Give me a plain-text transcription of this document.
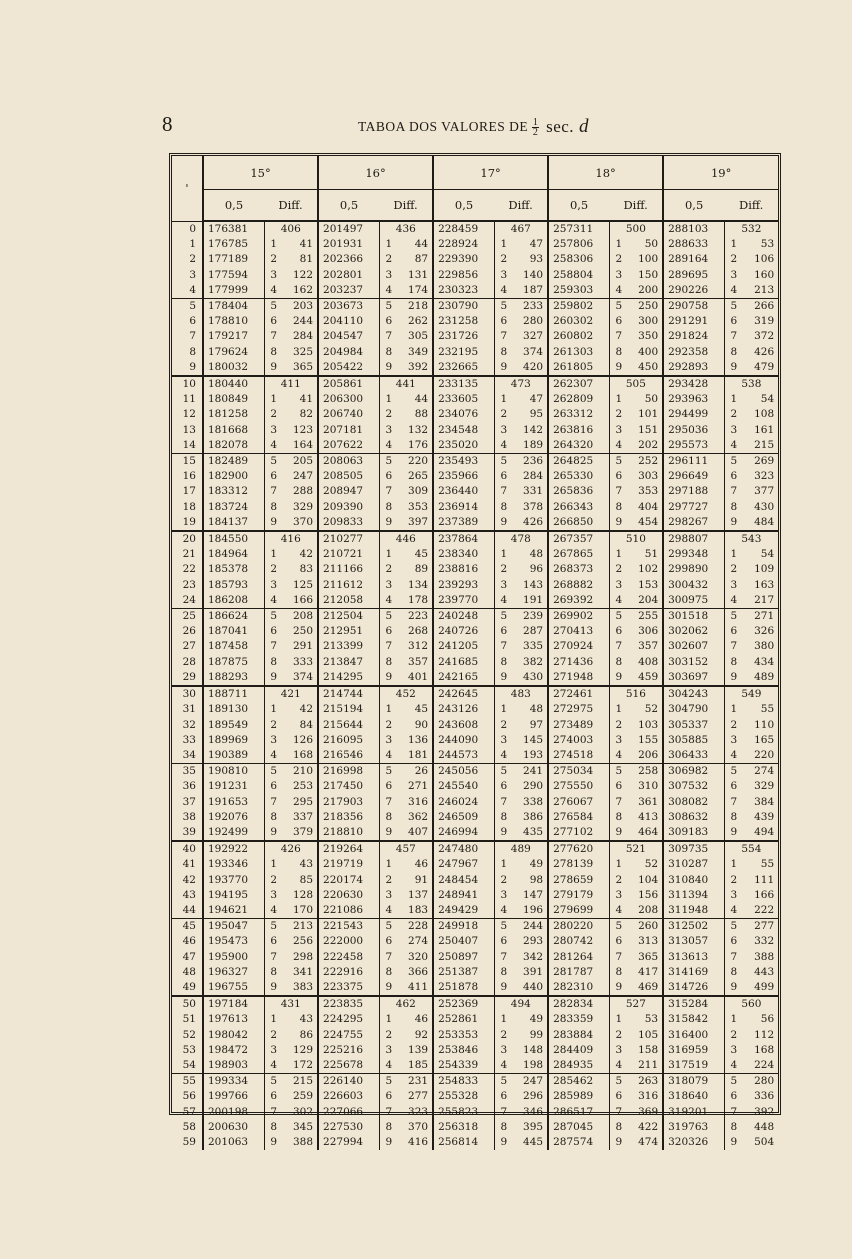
8	TABOA DOS VALORES DE $\frac{1}{2} \sec$. d
'	15°			16°			17°			18°			19°		
	0,5	Diff.		0,5	Diff.		0,5	Diff.		0,5	Diff.		0,5	Diff.	
0	176381	406		201497	436		228459	467		257311	500		288103	532	
1	176785	1	41	201931	1	44	228924	1	47	257806	1	50	288633	1	53
2	177189	2	81	202366	2	87	229390	2	93	258306	2	100	289164	2	106
3	177594	3	122	202801	3	131	229856	3	140	258804	3	150	289695	3	160
4	177999	4	162	203237	4	174	230323	4	187	259303	4	200	290226	4	213
5	178404	5	203	203673	5	218	230790	5	233	259802	5	250	290758	5	266
6	178810	6	244	204110	6	262	231258	6	280	260302	6	300	291291	6	319
7	179217	7	284	204547	7	305	231726	7	327	260802	7	350	291824	7	372
8	179624	8	325	204984	8	349	232195	8	374	261303	8	400	292358	8	426
9	180032	9	365	205422	9	392	232665	9	420	261805	9	450	292893	9	479
10	180440	411		205861	441		233135	473		262307	505		293428	538	
11	180849	1	41	206300	1	44	233605	1	47	262809	1	50	293963	1	54
12	181258	2	82	206740	2	88	234076	2	95	263312	2	101	294499	2	108
13	181668	3	123	207181	3	132	234548	3	142	263816	3	151	295036	3	161
14	182078	4	164	207622	4	176	235020	4	189	264320	4	202	295573	4	215
15	182489	5	205	208063	5	220	235493	5	236	264825	5	252	296111	5	269
16	182900	6	247	208505	6	265	235966	6	284	265330	6	303	296649	6	323
17	183312	7	288	208947	7	309	236440	7	331	265836	7	353	297188	7	377
18	183724	8	329	209390	8	353	236914	8	378	266343	8	404	297727	8	430
19	184137	9	370	209833	9	397	237389	9	426	266850	9	454	298267	9	484
20	184550	416		210277	446		237864	478		267357	510		298807	543	
21	184964	1	42	210721	1	45	238340	1	48	267865	1	51	299348	1	54
22	185378	2	83	211166	2	89	238816	2	96	268373	2	102	299890	2	109
23	185793	3	125	211612	3	134	239293	3	143	268882	3	153	300432	3	163
24	186208	4	166	212058	4	178	239770	4	191	269392	4	204	300975	4	217
25	186624	5	208	212504	5	223	240248	5	239	269902	5	255	301518	5	271
26	187041	6	250	212951	6	268	240726	6	287	270413	6	306	302062	6	326
27	187458	7	291	213399	7	312	241205	7	335	270924	7	357	302607	7	380
28	187875	8	333	213847	8	357	241685	8	382	271436	8	408	303152	8	434
29	188293	9	374	214295	9	401	242165	9	430	271948	9	459	303697	9	489
30	188711	421		214744	452		242645	483		272461	516		304243	549	
31	189130	1	42	215194	1	45	243126	1	48	272975	1	52	304790	1	55
32	189549	2	84	215644	2	90	243608	2	97	273489	2	103	305337	2	110
33	189969	3	126	216095	3	136	244090	3	145	274003	3	155	305885	3	165
34	190389	4	168	216546	4	181	244573	4	193	274518	4	206	306433	4	220
35	190810	5	210	216998	5	26	245056	5	241	275034	5	258	306982	5	274
36	191231	6	253	217450	6	271	245540	6	290	275550	6	310	307532	6	329
37	191653	7	295	217903	7	316	246024	7	338	276067	7	361	308082	7	384
38	192076	8	337	218356	8	362	246509	8	386	276584	8	413	308632	8	439
39	192499	9	379	218810	9	407	246994	9	435	277102	9	464	309183	9	494
40	192922	426		219264	457		247480	489		277620	521		309735	554	
41	193346	1	43	219719	1	46	247967	1	49	278139	1	52	310287	1	55
42	193770	2	85	220174	2	91	248454	2	98	278659	2	104	310840	2	111
43	194195	3	128	220630	3	137	248941	3	147	279179	3	156	311394	3	166
44	194621	4	170	221086	4	183	249429	4	196	279699	4	208	311948	4	222
45	195047	5	213	221543	5	228	249918	5	244	280220	5	260	312502	5	277
46	195473	6	256	222000	6	274	250407	6	293	280742	6	313	313057	6	332
47	195900	7	298	222458	7	320	250897	7	342	281264	7	365	313613	7	388
48	196327	8	341	222916	8	366	251387	8	391	281787	8	417	314169	8	443
49	196755	9	383	223375	9	411	251878	9	440	282310	9	469	314726	9	499
50	197184	431		223835	462		252369	494		282834	527		315284	560	
51	197613	1	43	224295	1	46	252861	1	49	283359	1	53	315842	1	56
52	198042	2	86	224755	2	92	253353	2	99	283884	2	105	316400	2	112
53	198472	3	129	225216	3	139	253846	3	148	284409	3	158	316959	3	168
54	198903	4	172	225678	4	185	254339	4	198	284935	4	211	317519	4	224
55	199334	5	215	226140	5	231	254833	5	247	285462	5	263	318079	5	280
56	199766	6	259	226603	6	277	255328	6	296	285989	6	316	318640	6	336
57	200198	7	302	227066	7	323	255823	7	346	286517	7	369	319201	7	392
58	200630	8	345	227530	8	370	256318	8	395	287045	8	422	319763	8	448
59	201063	9	388	227994	9	416	256814	9	445	287574	9	474	320326	9	504
